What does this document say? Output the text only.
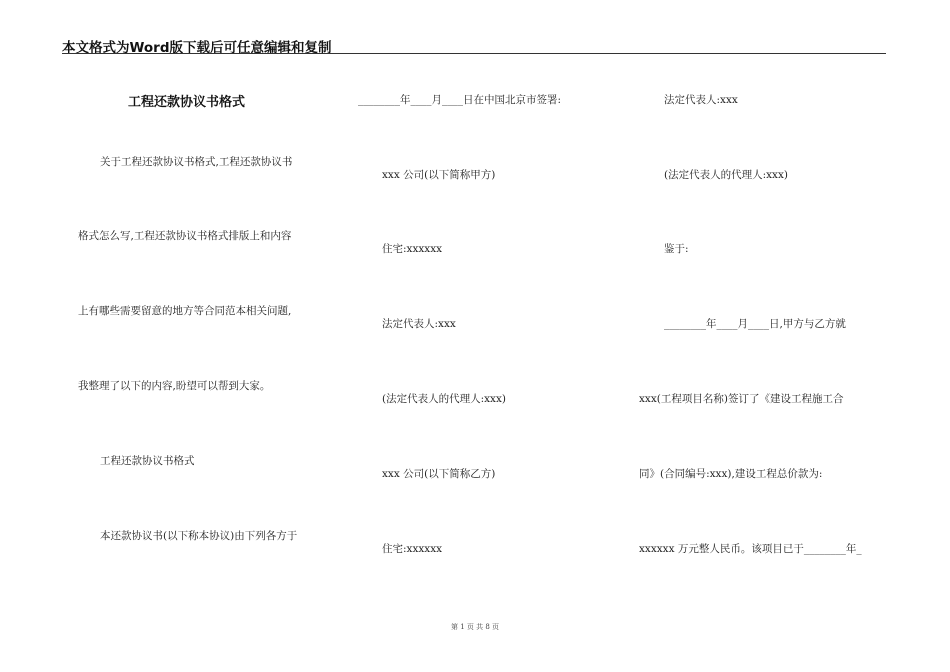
本文格式为Word版下载后可任意编辑和复制
工程还款协议书格式
关于工程还款协议书格式,工程还款协议书
格式怎么写,工程还款协议书格式排版上和内容
上有哪些需要留意的地方等合同范本相关问题,
我整理了以下的内容,盼望可以帮到大家。
工程还款协议书格式
本还款协议书(以下称本协议)由下列各方于
________年____月____日在中国北京市签署:
xxx 公司(以下简称甲方)
住宅:xxxxxx
法定代表人:xxx
(法定代表人的代理人:xxx)
xxx 公司(以下简称乙方)
住宅:xxxxxx
法定代表人:xxx
(法定代表人的代理人:xxx)
鉴于:
________年____月____日,甲方与乙方就
xxx(工程项目名称)签订了《建设工程施工合
同》(合同编号:xxx),建设工程总价款为:
xxxxxx 万元整人民币。该项目已于________年_
第 1 页 共 8 页
